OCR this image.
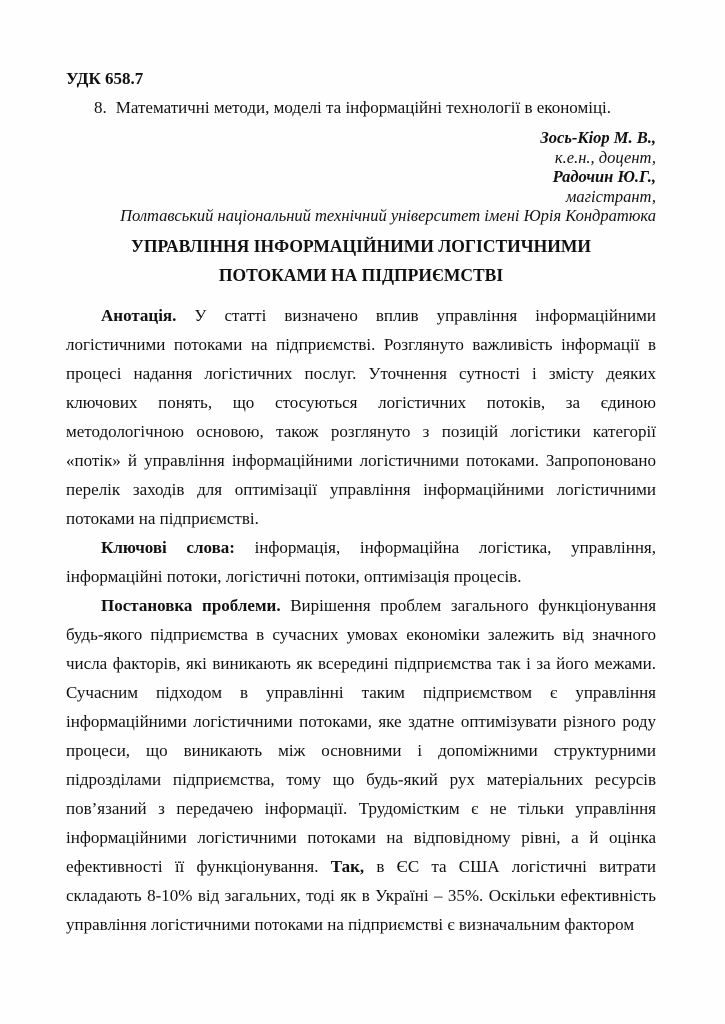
УДК 658.7
8. Математичні методи, моделі та інформаційні технології в економіці.
Зось-Кіор М. В.,
к.е.н., доцент,
Радочин Ю.Г.,
магістрант,
Полтавський національний технічний університет імені Юрія Кондратюка
УПРАВЛІННЯ ІНФОРМАЦІЙНИМИ ЛОГІСТИЧНИМИ
ПОТОКАМИ НА ПІДПРИЄМСТВІ

Анотація. У статті визначено вплив управління інформаційними логістичними потоками на підприємстві. Розглянуто важливість інформації в процесі надання логістичних послуг. Уточнення сутності і змісту деяких ключових понять, що стосуються логістичних потоків, за єдиною методологічною основою, також розглянуто з позицій логістики категорії «потік» й управління інформаційними логістичними потоками. Запропоновано перелік заходів для оптимізації управління інформаційними логістичними потоками на підприємстві.

Ключові слова: інформація, інформаційна логістика, управління, інформаційні потоки, логістичні потоки, оптимізація процесів.

Постановка проблеми. Вирішення проблем загального функціонування будь-якого підприємства в сучасних умовах економіки залежить від значного числа факторів, які виникають як всередині підприємства так і за його межами. Сучасним підходом в управлінні таким підприємством є управління інформаційними логістичними потоками, яке здатне оптимізувати різного роду процеси, що виникають між основними і допоміжними структурними підрозділами підприємства, тому що будь-який рух матеріальних ресурсів пов’язаний з передачею інформації. Трудомістким є не тільки управління інформаційними логістичними потоками на відповідному рівні, а й оцінка ефективності її функціонування. Так, в ЄС та США логістичні витрати складають 8-10% від загальних, тоді як в Україні – 35%. Оскільки ефективність управління логістичними потоками на підприємстві є визначальним фактором
